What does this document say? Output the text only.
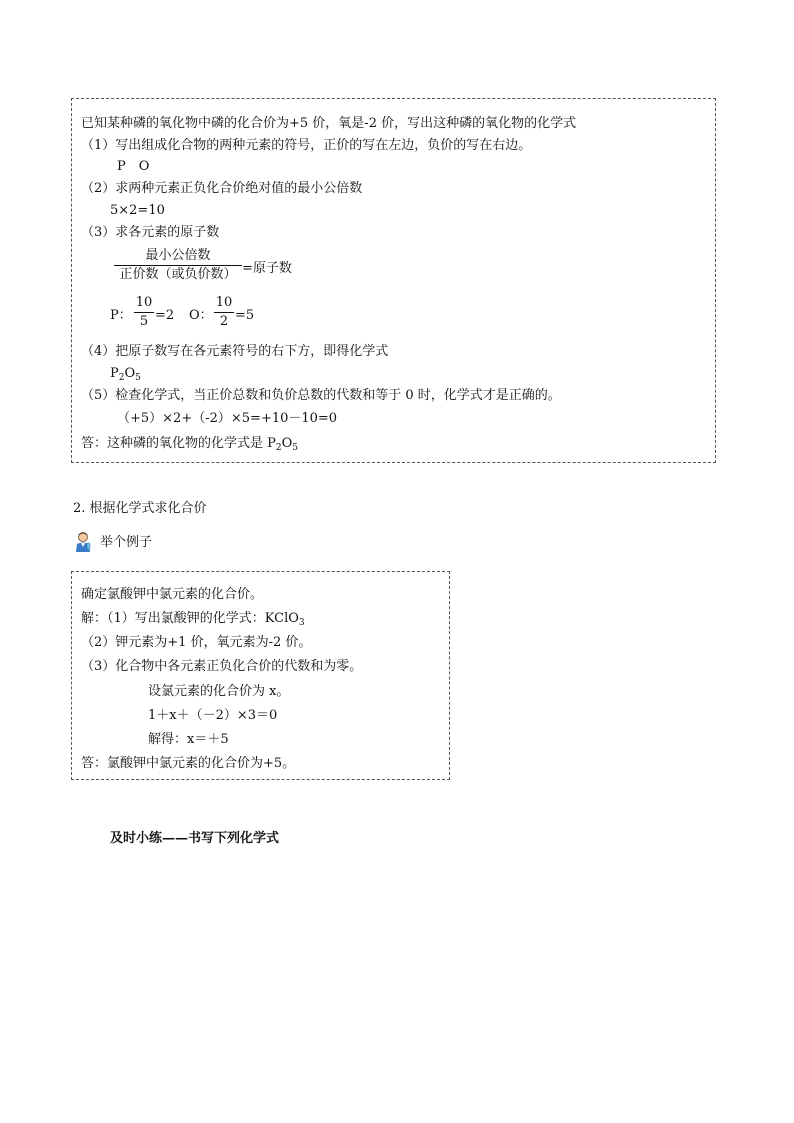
已知某种磷的氧化物中磷的化合价为+5 价，氧是-2 价，写出这种磷的氧化物的化学式
（1）写出组成化合物的两种元素的符号，正价的写在左边，负价的写在右边。
P　O
（2）求两种元素正负化合价绝对值的最小公倍数
5×2=10
（3）求各元素的原子数
最小公倍数
正价数（或负价数） =原子数
P：
10
5 =2 O：
10
2 =5
（4）把原子数写在各元素符号的右下方，即得化学式
$P_2O_5$
（5）检查化学式，当正价总数和负价总数的代数和等于 0 时，化学式才是正确的。
（+5）×2+（-2）×5=+10－10=0
答：这种磷的氧化物的化学式是 $P_2O_5$
2. 根据化学式求化合价
举个例子
确定氯酸钾中氯元素的化合价。
解：（1）写出氯酸钾的化学式：KClO$_3$
（2）钾元素为+1 价，氧元素为-2 价。
（3）化合物中各元素正负化合价的代数和为零。
设氯元素的化合价为 x。
1＋x＋（－2）×3＝0
解得：x＝＋5
答：氯酸钾中氯元素的化合价为+5。
及时小练——书写下列化学式
